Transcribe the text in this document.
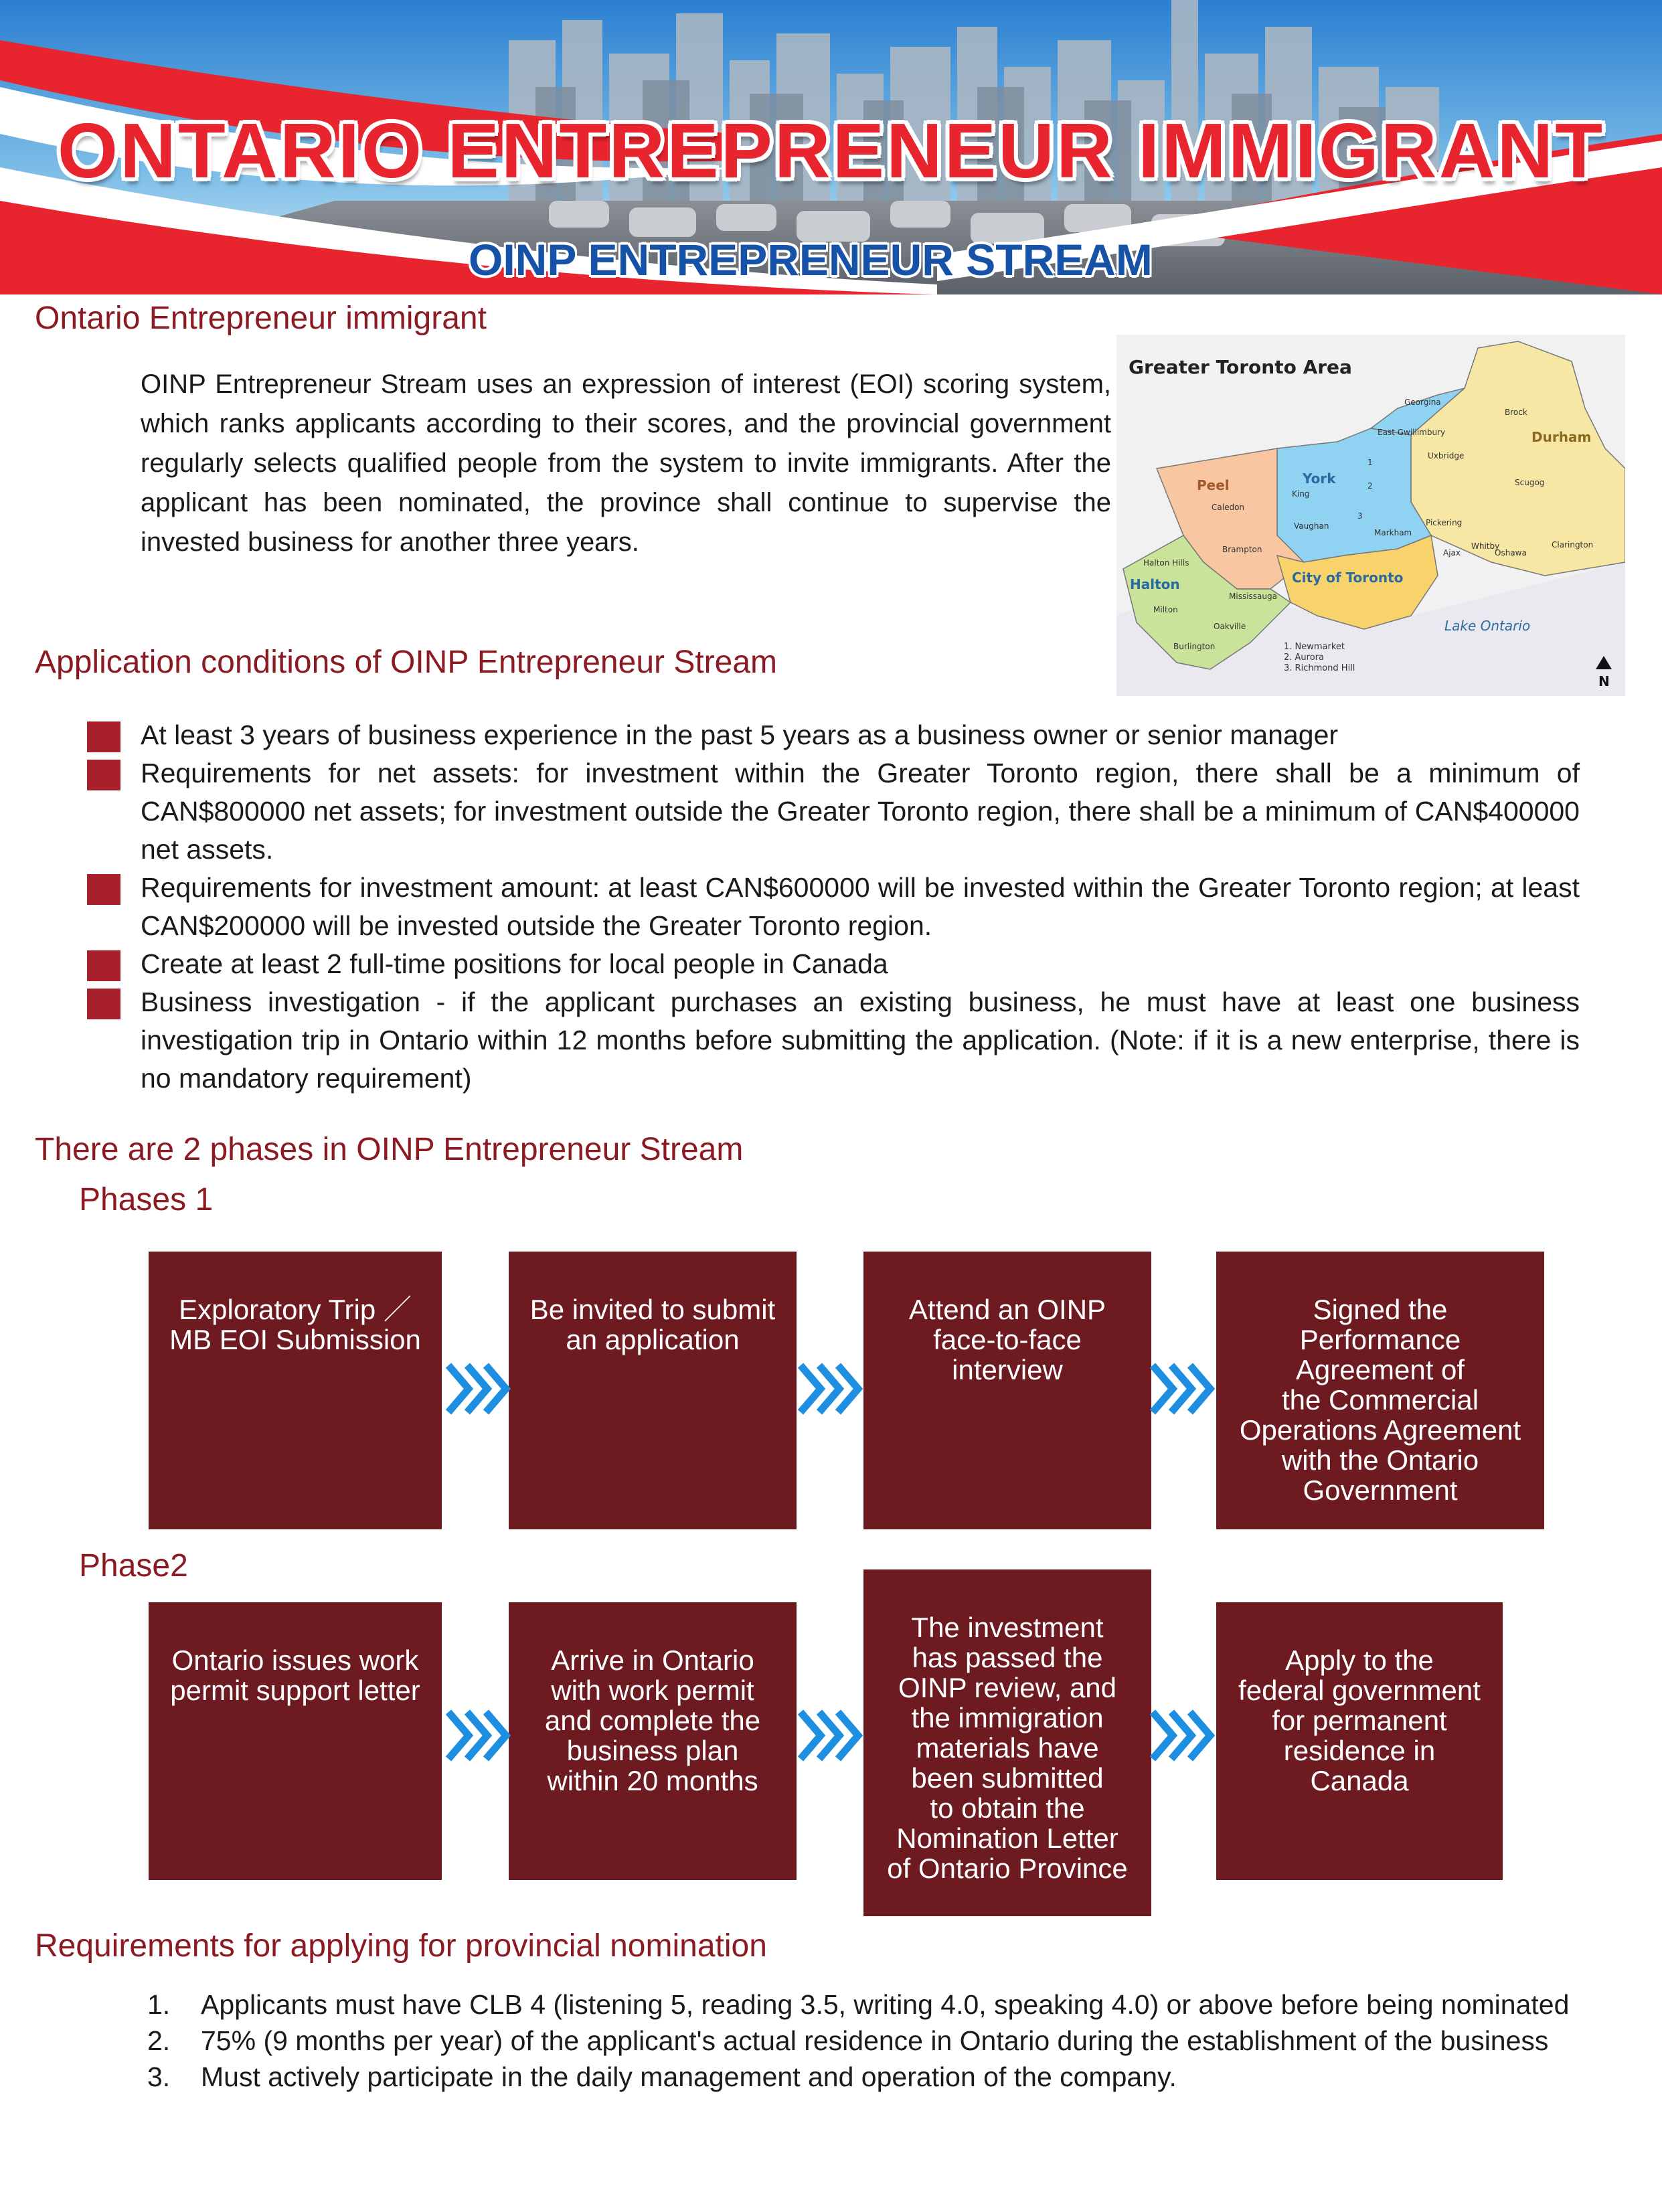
ONTARIO ENTREPRENEUR IMMIGRANT
OINP ENTREPRENEUR STREAM
Ontario Entrepreneur immigrant
OINP Entrepreneur Stream uses an expression of interest (EOI) scoring system, which ranks applicants according to their scores, and the provincial government regularly selects qualified people from the system to invite immigrants. After the applicant has been nominated, the province shall continue to supervise the invested business for another three years.
Greater Toronto Area
Peel	York
Durham
Halton	City of Toronto
Lake Ontario
Georgina
Brock
East Gwillimbury
Uxbridge
Scugog
King
Caledon
Vaughan
Markham
Pickering
Ajax
Whitby
Oshawa
Clarington
Brampton
Halton Hills
Mississauga
Milton
Oakville
Burlington
1
2
3
1. Newmarket
2. Aurora
3. Richmond Hill
N
Application conditions of OINP Entrepreneur Stream
At least 3 years of business experience in the past 5 years as a business owner or senior manager
Requirements for net assets: for investment within the Greater Toronto region, there shall be a minimum of CAN$800000 net assets; for investment outside the Greater Toronto region, there shall be a minimum of CAN$400000 net assets.
Requirements for investment amount: at least CAN$600000 will be invested within the Greater Toronto region; at least CAN$200000 will be invested outside the Greater Toronto region.
Create at least 2 full-time positions for local people in Canada
Business investigation - if the applicant purchases an existing business, he must have at least one business investigation trip in Ontario within 12 months before submitting the application. (Note: if it is a new enterprise, there is no mandatory requirement)
There are 2 phases in OINP Entrepreneur Stream
Phases 1
Exploratory Trip ／
MB EOI Submission
Be invited to submit
an application
Attend an OINP
face-to-face
interview
Signed the
Performance
Agreement of
the Commercial
Operations Agreement
with the Ontario
Government
Phase2
Ontario issues work
permit support letter
Arrive in Ontario
with work permit
and complete the
business plan
within 20 months
The investment
has passed the
OINP review, and
the immigration
materials have
been submitted
to obtain the
Nomination Letter
of Ontario Province
Apply to the
federal government
for permanent
residence in
Canada
Requirements for applying for provincial nomination
1. Applicants must have CLB 4 (listening 5, reading 3.5, writing 4.0, speaking 4.0) or above before being nominated
2. 75% (9 months per year) of the applicant's actual residence in Ontario during the establishment of the business
3. Must actively participate in the daily management and operation of the company.
